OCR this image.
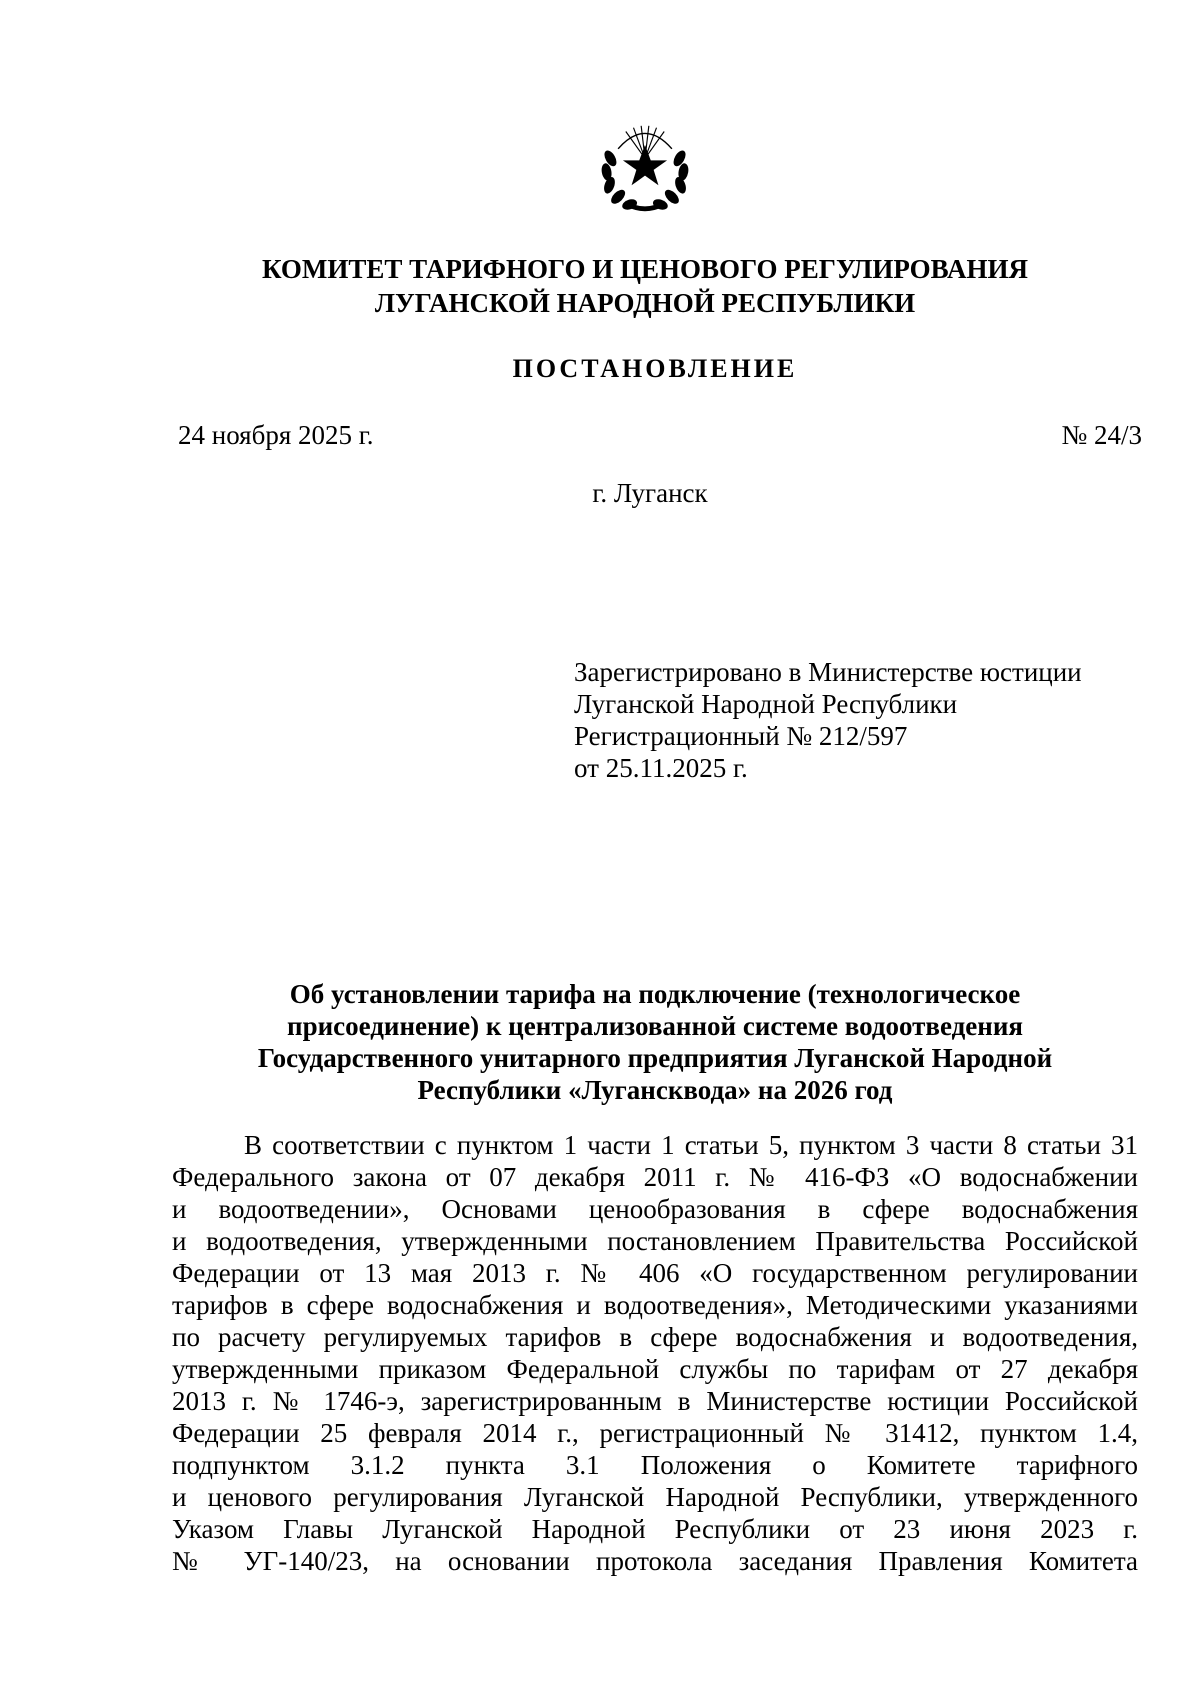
КОМИТЕТ ТАРИФНОГО И ЦЕНОВОГО РЕГУЛИРОВАНИЯ
ЛУГАНСКОЙ НАРОДНОЙ РЕСПУБЛИКИ
ПОСТАНОВЛЕНИЕ
24 ноября 2025 г.	№ 24/3
г. Луганск
Зарегистрировано в Министерстве юстиции
Луганской Народной Республики
Регистрационный № 212/597
от 25.11.2025 г.
Об установлении тарифа на подключение (технологическое
присоединение) к централизованной системе водоотведения
Государственного унитарного предприятия Луганской Народной
Республики «Лугансквода» на 2026 год
В соответствии с пунктом 1 части 1 статьи 5, пунктом 3 части 8 статьи 31
Федерального закона от 07 декабря 2011 г. № 416-ФЗ «О водоснабжении
и водоотведении», Основами ценообразования в сфере водоснабжения
и водоотведения, утвержденными постановлением Правительства Российской
Федерации от 13 мая 2013 г. № 406 «О государственном регулировании
тарифов в сфере водоснабжения и водоотведения», Методическими указаниями
по расчету регулируемых тарифов в сфере водоснабжения и водоотведения,
утвержденными приказом Федеральной службы по тарифам от 27 декабря
2013 г. № 1746-э, зарегистрированным в Министерстве юстиции Российской
Федерации 25 февраля 2014 г., регистрационный № 31412, пунктом 1.4,
подпунктом 3.1.2 пункта 3.1 Положения о Комитете тарифного
и ценового регулирования Луганской Народной Республики, утвержденного
Указом Главы Луганской Народной Республики от 23 июня 2023 г.
№ УГ-140/23, на основании протокола заседания Правления Комитета
